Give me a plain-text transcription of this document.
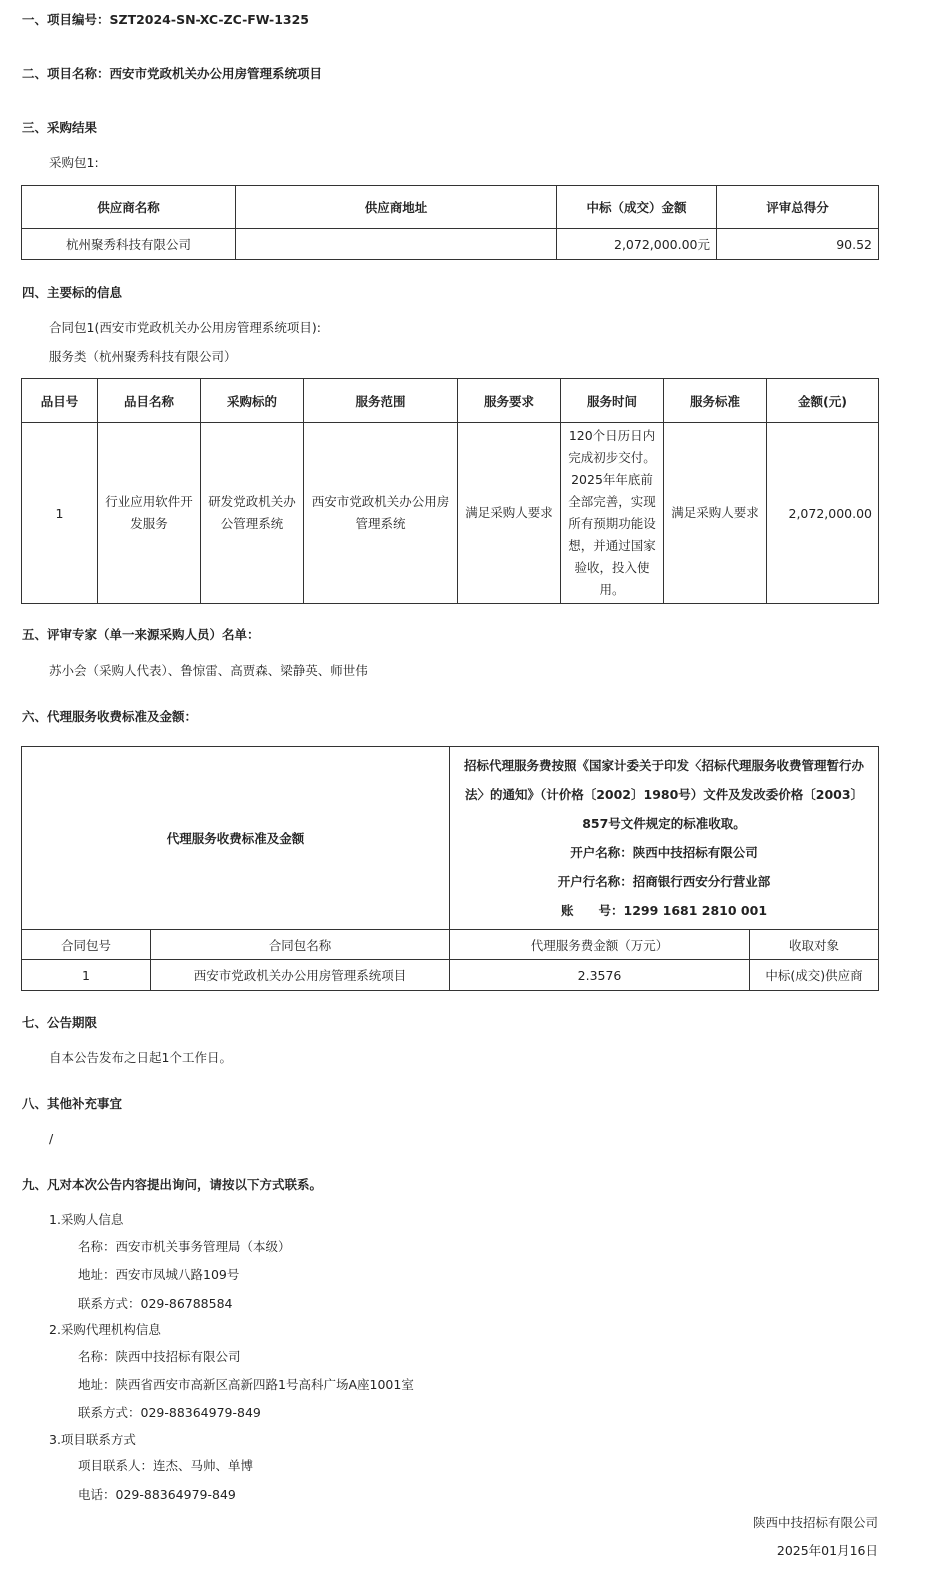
一、项目编号：SZT2024-SN-XC-ZC-FW-1325
二、项目名称：西安市党政机关办公用房管理系统项目
三、采购结果
采购包1:
供应商名称	供应商地址	中标（成交）金额	评审总得分
杭州聚秀科技有限公司		2,072,000.00元	90.52
四、主要标的信息
合同包1(西安市党政机关办公用房管理系统项目):
服务类（杭州聚秀科技有限公司）
品目号	品目名称	采购标的	服务范围	服务要求	服务时间	服务标准	金额(元)
1	行业应用软件开发服务	研发党政机关办公管理系统	西安市党政机关办公用房管理系统	满足采购人要求	120个日历日内完成初步交付。2025年年底前全部完善，实现所有预期功能设想，并通过国家验收，投入使用。	满足采购人要求	2,072,000.00
五、评审专家（单一来源采购人员）名单：
苏小会（采购人代表）、鲁惊雷、高贾森、梁静英、师世伟
六、代理服务收费标准及金额：
代理服务收费标准及金额		招标代理服务费按照《国家计委关于印发〈招标代理服务收费管理暂行办法〉的通知》（计价格〔2002〕1980号）文件及发改委价格〔2003〕857号文件规定的标准收取。
开户名称：陕西中技招标有限公司
开户行名称：招商银行西安分行营业部
账　　号：1299 1681 2810 001	

合同包号	合同包名称	代理服务费金额（万元）	收取对象
1	西安市党政机关办公用房管理系统项目	2.3576	中标(成交)供应商
七、公告期限
自本公告发布之日起1个工作日。
八、其他补充事宜
/
九、凡对本次公告内容提出询问，请按以下方式联系。
1.采购人信息
名称：西安市机关事务管理局（本级）
地址：西安市凤城八路109号
联系方式：029-86788584
2.采购代理机构信息
名称：陕西中技招标有限公司
地址：陕西省西安市高新区高新四路1号高科广场A座1001室
联系方式：029-88364979-849
3.项目联系方式
项目联系人：连杰、马帅、单博
电话：029-88364979-849
陕西中技招标有限公司
2025年01月16日
